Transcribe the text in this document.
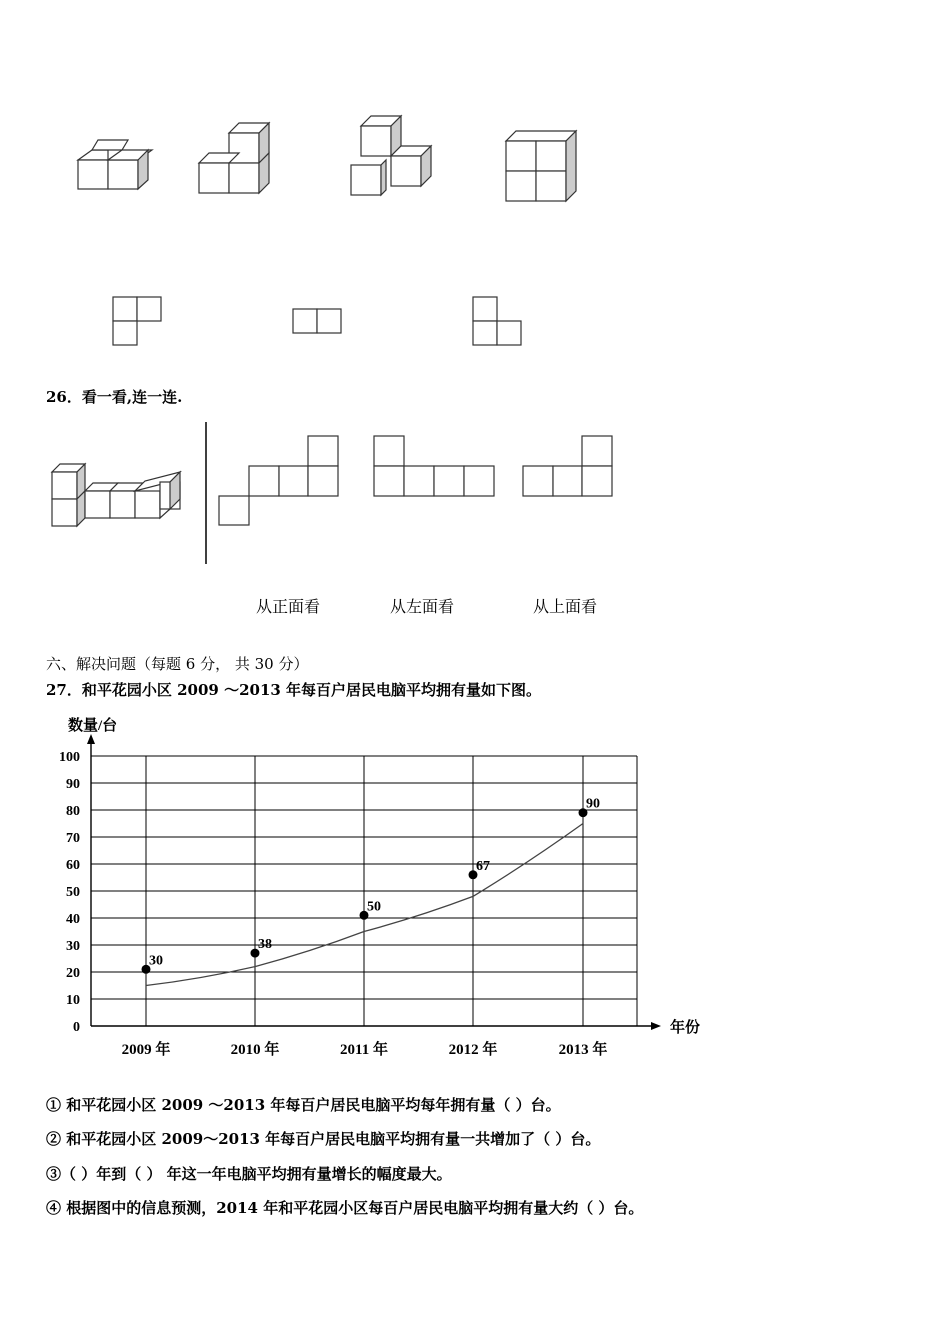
26．看一看,连一连.
从正面看	从左面看	从上面看
六、解决问题（每题 6 分， 共 30 分）
27．和平花园小区 2009 ～2013 年每百户居民电脑平均拥有量如下图。
数量/台
年份
0
10
20
30
40
50
60
70
80
90
100
2009 年	2010 年	2011 年	2012 年	2013 年
30
38
50
67
90
① 和平花园小区 2009 ～2013 年每百户居民电脑平均每年拥有量（ ）台。
② 和平花园小区 2009～2013 年每百户居民电脑平均拥有量一共增加了（ ）台。
③（ ）年到（ ） 年这一年电脑平均拥有量增长的幅度最大。
④ 根据图中的信息预测，2014 年和平花园小区每百户居民电脑平均拥有量大约（ ）台。
